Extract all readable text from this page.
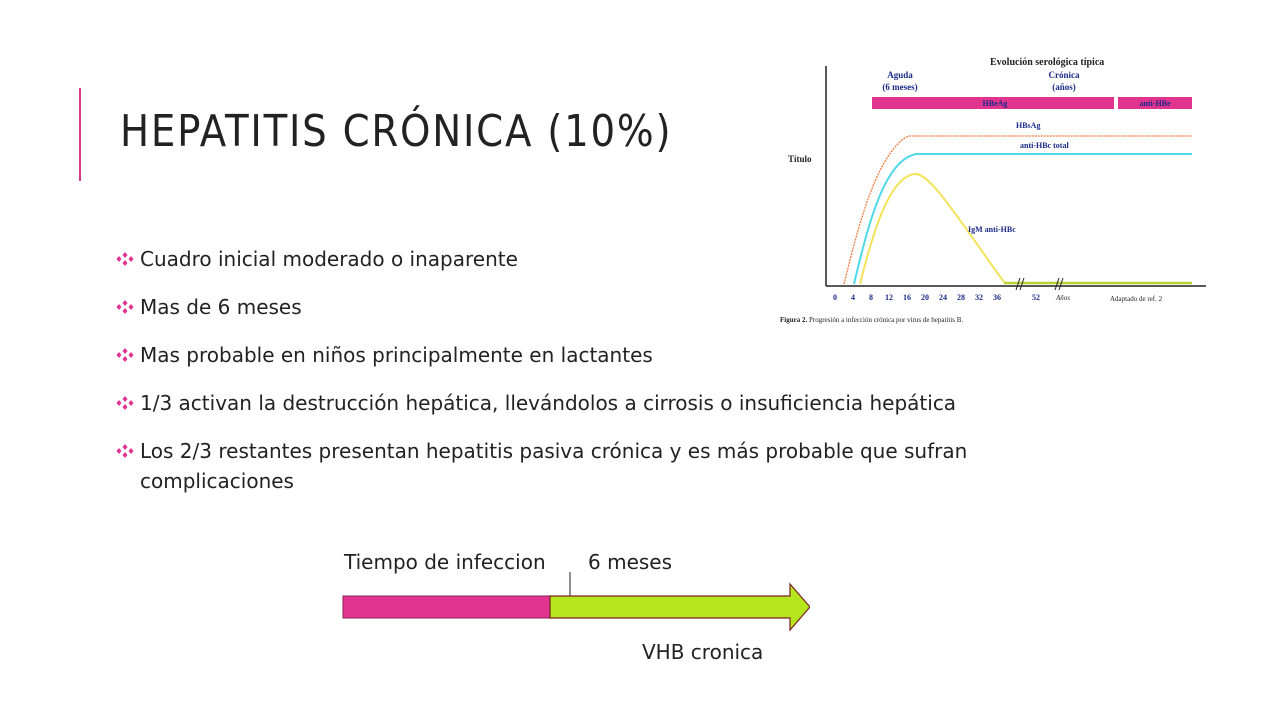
HEPATITIS CRÓNICA (10%)
Cuadro inicial moderado o inaparente
Mas de 6 meses
Mas probable en niños principalmente en lactantes
1/3 activan la destrucción hepática, llevándolos a cirrosis o insuficiencia hepática
Los 2/3 restantes presentan hepatitis pasiva crónica y es más probable que sufran complicaciones
Evolución serológica típica
Aguda
(6 meses)
Crónica
(años)
HBeAg	anti-HBe
Título
HBsAg
anti-HBc total
IgM anti-HBc
0 4 8 12 16 20 24 28 32 36	52 Años	Adaptado de ref. 2
Figura 2. Progresión a infección crónica por virus de hepatitis B.
Tiempo de infeccion 6 meses
VHB cronica
